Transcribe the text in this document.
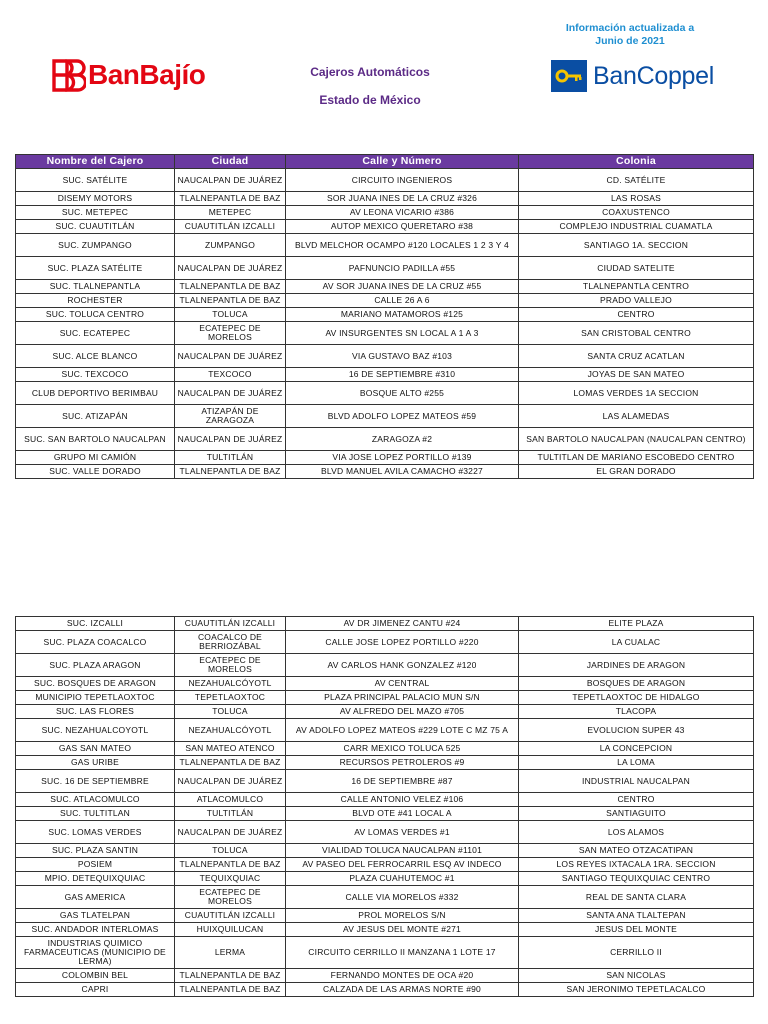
BanBajío	Cajeros Automáticos
Estado de México
Información actualizada a
Junio de 2021
BanCoppel
Nombre del Cajero	Ciudad	Calle y Número	Colonia
SUC. SATÉLITE	NAUCALPAN DE JUÁREZ	CIRCUITO INGENIEROS	CD. SATÉLITE
DISEMY MOTORS	TLALNEPANTLA DE BAZ	SOR JUANA INES DE LA CRUZ #326	LAS ROSAS
SUC. METEPEC	METEPEC	AV LEONA VICARIO #386	COAXUSTENCO
SUC. CUAUTITLÁN	CUAUTITLÁN IZCALLI	AUTOP MEXICO QUERETARO #38	COMPLEJO INDUSTRIAL CUAMATLA
SUC. ZUMPANGO	ZUMPANGO	BLVD MELCHOR OCAMPO #120 LOCALES 1 2 3 Y 4	SANTIAGO 1A. SECCION
SUC. PLAZA SATÉLITE	NAUCALPAN DE JUÁREZ	PAFNUNCIO PADILLA #55	CIUDAD SATELITE
SUC. TLALNEPANTLA	TLALNEPANTLA DE BAZ	AV SOR JUANA INES DE LA CRUZ #55	TLALNEPANTLA CENTRO
ROCHESTER	TLALNEPANTLA DE BAZ	CALLE 26 A 6	PRADO VALLEJO
SUC. TOLUCA CENTRO	TOLUCA	MARIANO MATAMOROS #125	CENTRO
SUC. ECATEPEC	ECATEPEC DE MORELOS	AV INSURGENTES SN LOCAL A 1 A 3	SAN CRISTOBAL CENTRO
SUC. ALCE BLANCO	NAUCALPAN DE JUÁREZ	VIA GUSTAVO BAZ #103	SANTA CRUZ ACATLAN
SUC. TEXCOCO	TEXCOCO	16 DE SEPTIEMBRE #310	JOYAS DE SAN MATEO
CLUB DEPORTIVO BERIMBAU	NAUCALPAN DE JUÁREZ	BOSQUE ALTO #255	LOMAS VERDES 1A SECCION
SUC. ATIZAPÁN	ATIZAPÁN DE ZARAGOZA	BLVD ADOLFO LOPEZ MATEOS #59	LAS ALAMEDAS
SUC. SAN BARTOLO NAUCALPAN	NAUCALPAN DE JUÁREZ	ZARAGOZA #2	SAN BARTOLO NAUCALPAN (NAUCALPAN CENTRO)
GRUPO MI CAMIÓN	TULTITLÁN	VIA JOSE LOPEZ PORTILLO #139	TULTITLAN DE MARIANO ESCOBEDO CENTRO
SUC. VALLE DORADO	TLALNEPANTLA DE BAZ	BLVD MANUEL AVILA CAMACHO #3227	EL GRAN DORADO
SUC. IZCALLI	CUAUTITLÁN IZCALLI	AV DR JIMENEZ CANTU #24	ELITE PLAZA
SUC. PLAZA COACALCO	COACALCO DE BERRIOZÁBAL	CALLE JOSE LOPEZ PORTILLO #220	LA CUALAC
SUC. PLAZA ARAGON	ECATEPEC DE MORELOS	AV CARLOS HANK GONZALEZ #120	JARDINES DE ARAGON
SUC. BOSQUES DE ARAGON	NEZAHUALCÓYOTL	AV CENTRAL	BOSQUES DE ARAGON
MUNICIPIO TEPETLAOXTOC	TEPETLAOXTOC	PLAZA PRINCIPAL PALACIO MUN S/N	TEPETLAOXTOC DE HIDALGO
SUC. LAS FLORES	TOLUCA	AV ALFREDO DEL MAZO #705	TLACOPA
SUC. NEZAHUALCOYOTL	NEZAHUALCÓYOTL	AV ADOLFO LOPEZ MATEOS #229 LOTE C MZ 75 A	EVOLUCION SUPER 43
GAS SAN MATEO	SAN MATEO ATENCO	CARR MEXICO TOLUCA 525	LA CONCEPCION
GAS URIBE	TLALNEPANTLA DE BAZ	RECURSOS PETROLEROS #9	LA LOMA
SUC. 16 DE SEPTIEMBRE	NAUCALPAN DE JUÁREZ	16 DE SEPTIEMBRE #87	INDUSTRIAL NAUCALPAN
SUC. ATLACOMULCO	ATLACOMULCO	CALLE ANTONIO VELEZ #106	CENTRO
SUC. TULTITLAN	TULTITLÁN	BLVD OTE #41 LOCAL A	SANTIAGUITO
SUC. LOMAS VERDES	NAUCALPAN DE JUÁREZ	AV LOMAS VERDES #1	LOS ALAMOS
SUC. PLAZA SANTIN	TOLUCA	VIALIDAD TOLUCA NAUCALPAN #1101	SAN MATEO OTZACATIPAN
POSIEM	TLALNEPANTLA DE BAZ	AV PASEO DEL FERROCARRIL ESQ AV INDECO	LOS REYES IXTACALA 1RA. SECCION
MPIO. DETEQUIXQUIAC	TEQUIXQUIAC	PLAZA CUAHUTEMOC #1	SANTIAGO TEQUIXQUIAC CENTRO
GAS AMERICA	ECATEPEC DE MORELOS	CALLE VIA MORELOS #332	REAL DE SANTA CLARA
GAS TLATELPAN	CUAUTITLÁN IZCALLI	PROL MORELOS S/N	SANTA ANA TLALTEPAN
SUC. ANDADOR INTERLOMAS	HUIXQUILUCAN	AV JESUS DEL MONTE #271	JESUS DEL MONTE
INDUSTRIAS QUIMICO FARMACEUTICAS (MUNICIPIO DE LERMA)	LERMA	CIRCUITO CERRILLO II MANZANA 1 LOTE 17	CERRILLO II
COLOMBIN BEL	TLALNEPANTLA DE BAZ	FERNANDO MONTES DE OCA #20	SAN NICOLAS
CAPRI	TLALNEPANTLA DE BAZ	CALZADA DE LAS ARMAS NORTE #90	SAN JERONIMO TEPETLACALCO
